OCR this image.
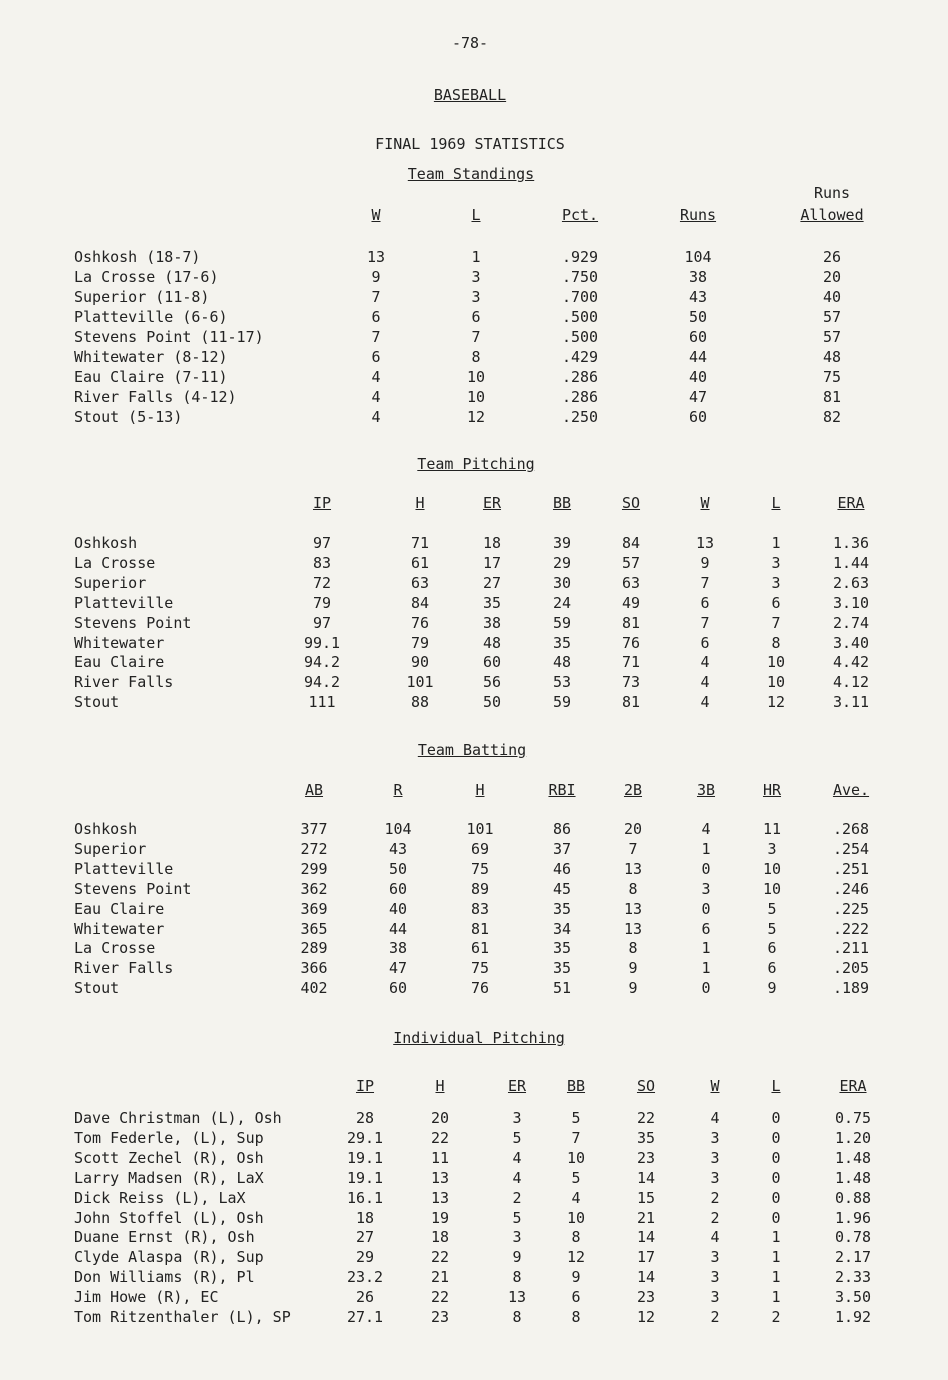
-78-
BASEBALL
FINAL 1969 STATISTICS
Team Standings
W	L	Pct.	Runs
Runs
Allowed
Oshkosh (18-7)	13	1	.929	104	26
La Crosse (17-6)	9	3	.750	38	20
Superior (11-8)	7	3	.700	43	40
Platteville (6-6)	6	6	.500	50	57
Stevens Point (11-17)	7	7	.500	60	57
Whitewater (8-12)	6	8	.429	44	48
Eau Claire (7-11)	4	10	.286	40	75
River Falls (4-12)	4	10	.286	47	81
Stout (5-13)	4	12	.250	60	82
Team Pitching
IP	H	ER	BB	SO	W	L	ERA
Oshkosh	97	71	18	39	84	13	1	1.36
La Crosse	83	61	17	29	57	9	3	1.44
Superior	72	63	27	30	63	7	3	2.63
Platteville	79	84	35	24	49	6	6	3.10
Stevens Point	97	76	38	59	81	7	7	2.74
Whitewater	99.1	79	48	35	76	6	8	3.40
Eau Claire	94.2	90	60	48	71	4	10	4.42
River Falls	94.2	101	56	53	73	4	10	4.12
Stout	111	88	50	59	81	4	12	3.11
Team Batting
AB	R	H	RBI	2B	3B	HR	Ave.
Oshkosh	377	104	101	86	20	4	11	.268
Superior	272	43	69	37	7	1	3	.254
Platteville	299	50	75	46	13	0	10	.251
Stevens Point	362	60	89	45	8	3	10	.246
Eau Claire	369	40	83	35	13	0	5	.225
Whitewater	365	44	81	34	13	6	5	.222
La Crosse	289	38	61	35	8	1	6	.211
River Falls	366	47	75	35	9	1	6	.205
Stout	402	60	76	51	9	0	9	.189
Individual Pitching
IP	H	ER	BB	SO	W	L	ERA
Dave Christman (L), Osh	28	20	3	5	22	4	0	0.75
Tom Federle, (L), Sup	29.1	22	5	7	35	3	0	1.20
Scott Zechel (R), Osh	19.1	11	4	10	23	3	0	1.48
Larry Madsen (R), LaX	19.1	13	4	5	14	3	0	1.48
Dick Reiss (L), LaX	16.1	13	2	4	15	2	0	0.88
John Stoffel (L), Osh	18	19	5	10	21	2	0	1.96
Duane Ernst (R), Osh	27	18	3	8	14	4	1	0.78
Clyde Alaspa (R), Sup	29	22	9	12	17	3	1	2.17
Don Williams (R), Pl	23.2	21	8	9	14	3	1	2.33
Jim Howe (R), EC	26	22	13	6	23	3	1	3.50
Tom Ritzenthaler (L), SP	27.1	23	8	8	12	2	2	1.92
